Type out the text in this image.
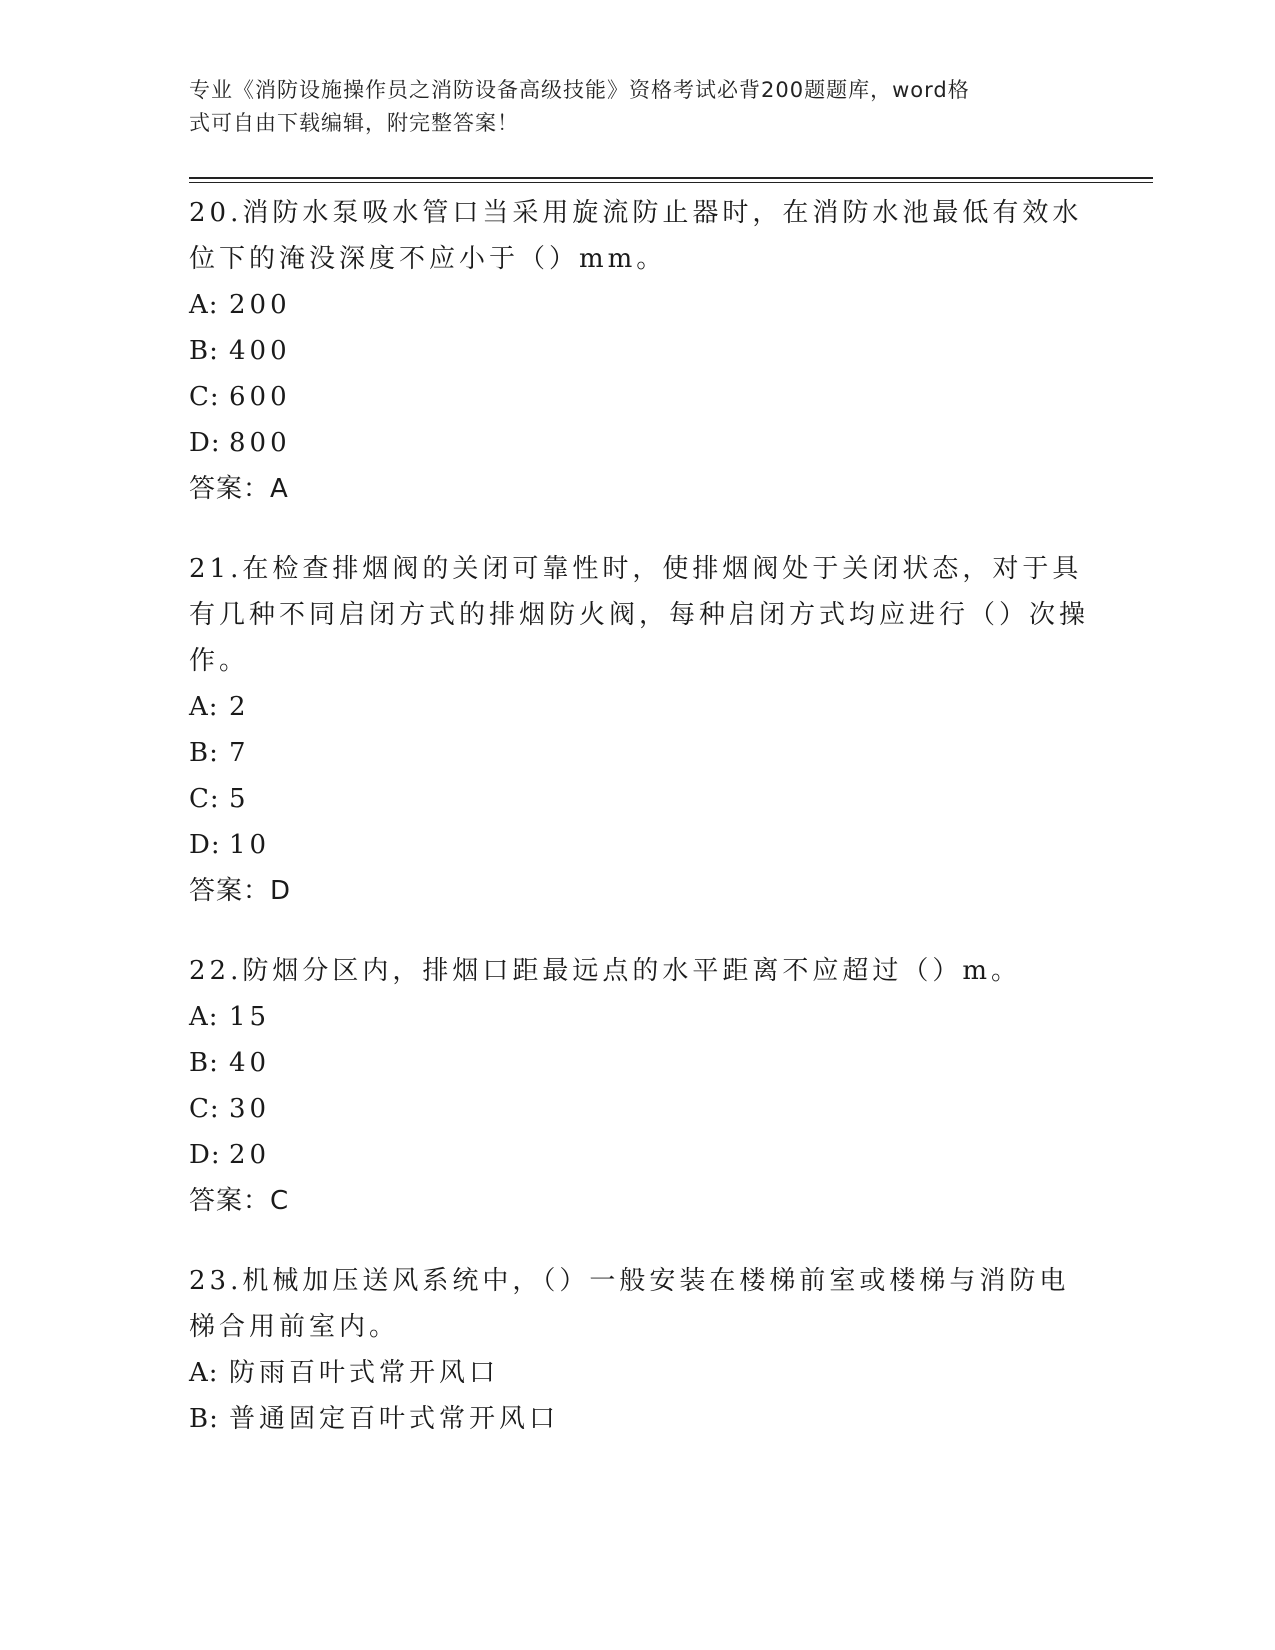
专业《消防设施操作员之消防设备高级技能》资格考试必背200题题库，word格
式可自由下载编辑，附完整答案！

20.消防水泵吸水管口当采用旋流防止器时，在消防水池最低有效水位下的淹没深度不应小于（）mm。

A: 200

B: 400

C: 600

D: 800

答案：A

21.在检查排烟阀的关闭可靠性时，使排烟阀处于关闭状态，对于具有几种不同启闭方式的排烟防火阀，每种启闭方式均应进行（）次操作。

A: 2

B: 7

C: 5

D: 10

答案：D

22.防烟分区内，排烟口距最远点的水平距离不应超过（）m。

A: 15

B: 40

C: 30

D: 20

答案：C

23.机械加压送风系统中，（）一般安装在楼梯前室或楼梯与消防电梯合用前室内。

A: 防雨百叶式常开风口

B: 普通固定百叶式常开风口
